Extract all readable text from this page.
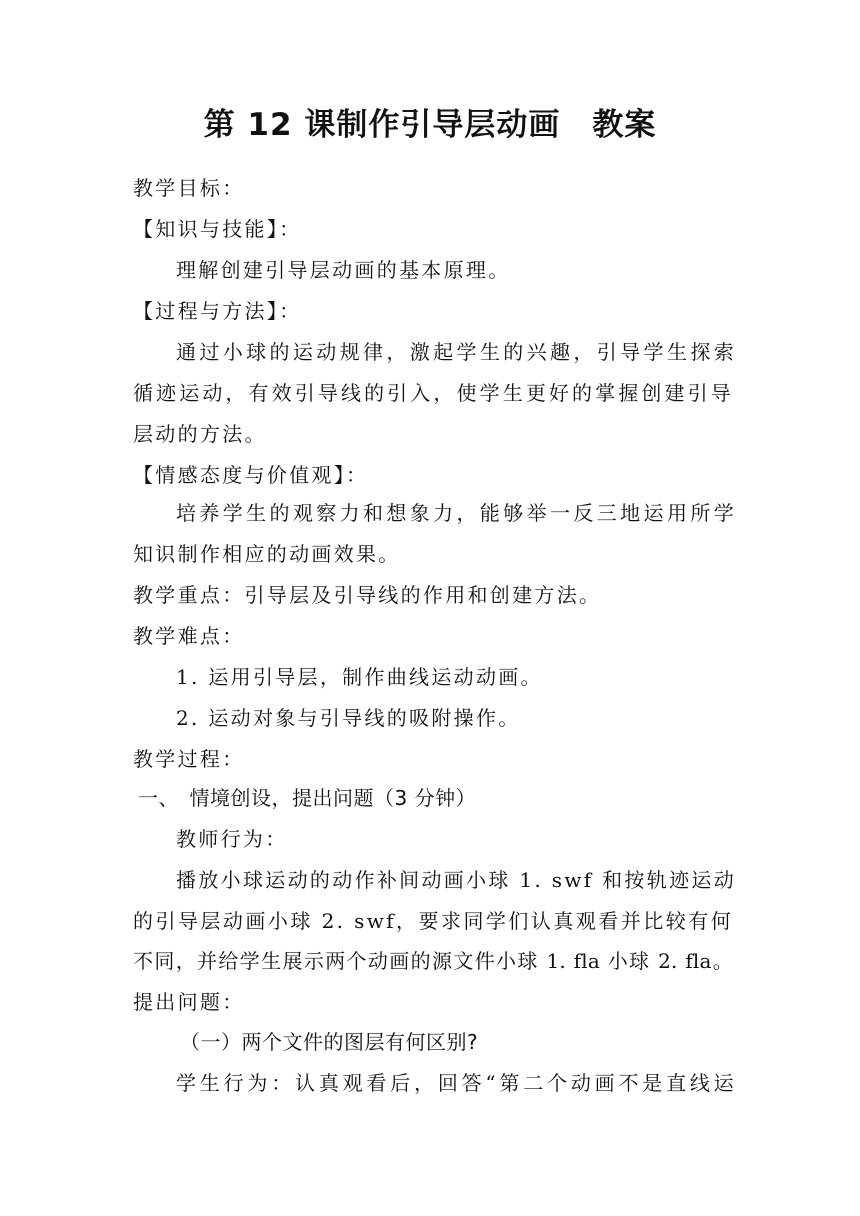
第 12 课制作引导层动画　教案
教学目标：
【知识与技能】：
理解创建引导层动画的基本原理。
【过程与方法】：
通过小球的运动规律，激起学生的兴趣，引导学生探索
循迹运动，有效引导线的引入，使学生更好的掌握创建引导
层动的方法。
【情感态度与价值观】：
培养学生的观察力和想象力，能够举一反三地运用所学
知识制作相应的动画效果。
教学重点：引导层及引导线的作用和创建方法。
教学难点：
1. 运用引导层，制作曲线运动动画。
2. 运动对象与引导线的吸附操作。
教学过程：
一、　情境创设，提出问题（3 分钟）
教师行为：
播放小球运动的动作补间动画小球 1. swf 和按轨迹运动
的引导层动画小球 2. swf，要求同学们认真观看并比较有何
不同，并给学生展示两个动画的源文件小球 1. fla 小球 2. fla。
提出问题：
（一）两个文件的图层有何区别?
学生行为：认真观看后，回答“第二个动画不是直线运
